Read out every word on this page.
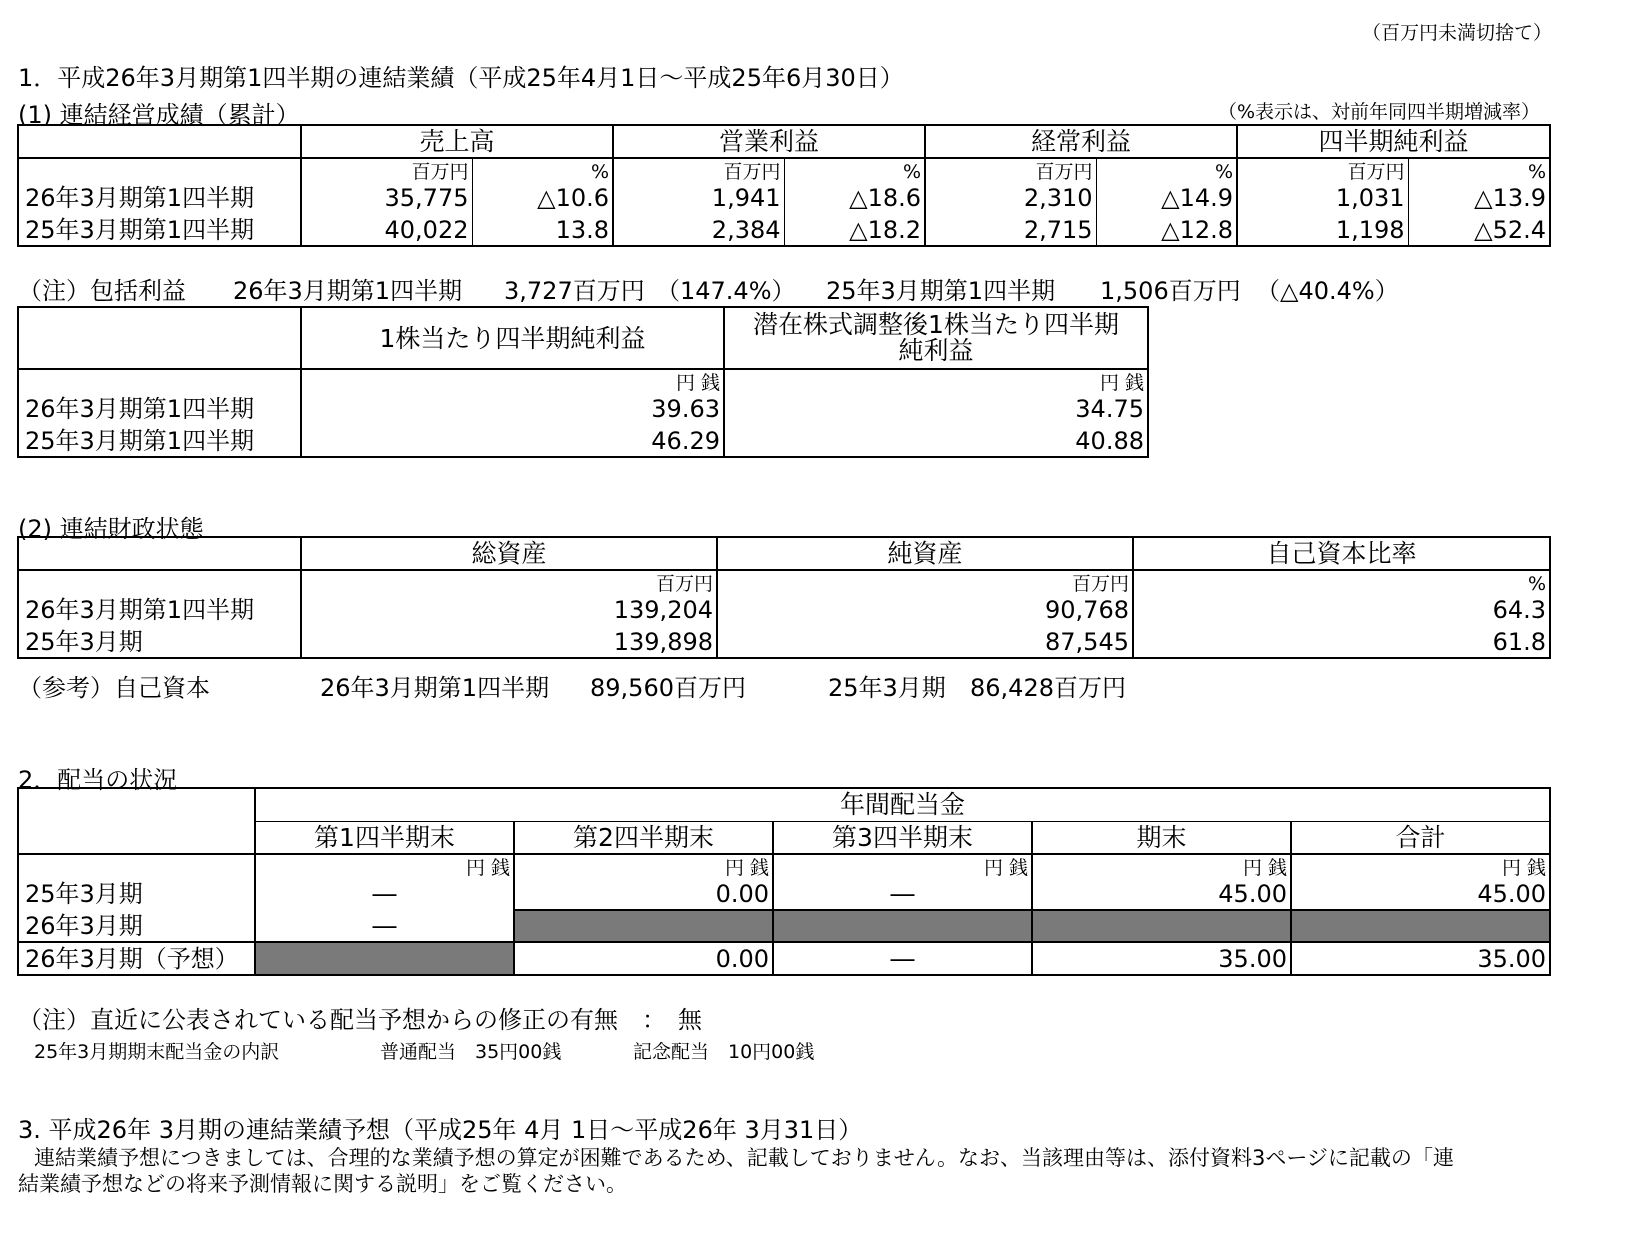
（百万円未満切捨て）
1．平成26年3月期第1四半期の連結業績（平成25年4月1日～平成25年6月30日）
(1) 連結経営成績（累計）	（%表示は、対前年同四半期増減率）
	売上高		営業利益		経常利益		四半期純利益	
	百万円	%	百万円	%	百万円	%	百万円	%
26年3月期第1四半期	35,775	△10.6	1,941	△18.6	2,310	△14.9	1,031	△13.9
25年3月期第1四半期	40,022	13.8	2,384	△18.2	2,715	△12.8	1,198	△52.4
（注）包括利益 26年3月期第1四半期 3,727百万円 （147.4%） 25年3月期第1四半期 1,506百万円 （△40.4%）
	1株当たり四半期純利益	潜在株式調整後1株当たり四半期
純利益

	円 銭	円 銭
26年3月期第1四半期	39.63	34.75
25年3月期第1四半期	46.29	40.88
(2) 連結財政状態
	総資産	純資産	自己資本比率
	百万円	百万円	%
26年3月期第1四半期	139,204	90,768	64.3
25年3月期	139,898	87,545	61.8
（参考）自己資本	26年3月期第1四半期 89,560百万円	25年3月期 86,428百万円
2．配当の状況
	年間配当金				
	第1四半期末	第2四半期末	第3四半期末	期末	合計
	円 銭	円 銭	円 銭	円 銭	円 銭
25年3月期	―	0.00	―	45.00	45.00
26年3月期	―				
26年3月期（予想）		0.00	―	35.00	35.00
（注）直近に公表されている配当予想からの修正の有無　：　無
25年3月期期末配当金の内訳	普通配当　35円00銭	記念配当　10円00銭
3. 平成26年 3月期の連結業績予想（平成25年 4月 1日～平成26年 3月31日）
連結業績予想につきましては、合理的な業績予想の算定が困難であるため、記載しておりません。なお、当該理由等は、添付資料3ページに記載の「連
結業績予想などの将来予測情報に関する説明」をご覧ください。
